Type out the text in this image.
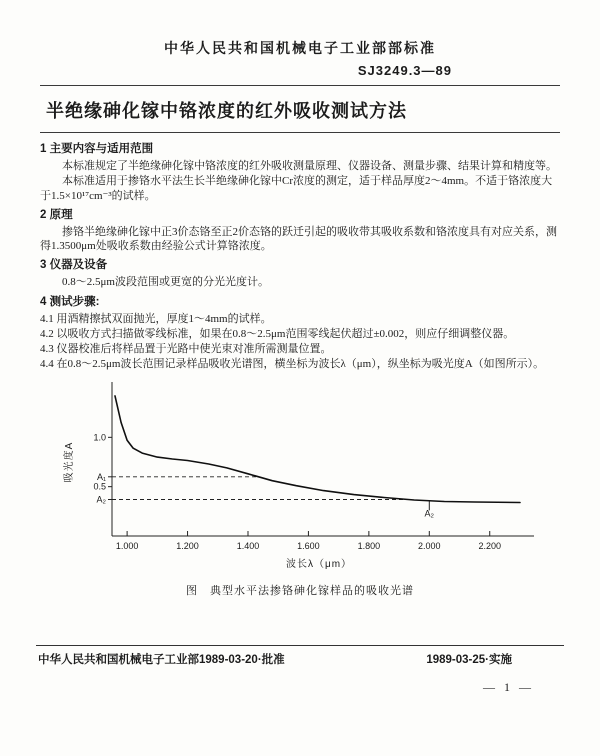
中华人民共和国机械电子工业部部标准
SJ3249.3—89
半绝缘砷化镓中铬浓度的红外吸收测试方法
1 主要内容与适用范围

本标准规定了半绝缘砷化镓中铬浓度的红外吸收测量原理、仪器设备、测量步骤、结果计算和精度等。

本标准适用于掺铬水平法生长半绝缘砷化镓中Cr浓度的测定，适于样品厚度2～4mm。不适于铬浓度大于1.5×10¹⁷cm⁻³的试样。

2 原理

掺铬半绝缘砷化镓中正3价态铬至正2价态铬的跃迁引起的吸收带其吸收系数和铬浓度具有对应关系，测得1.3500μm处吸收系数由经验公式计算铬浓度。

3 仪器及设备

0.8～2.5μm波段范围或更宽的分光光度计。

4 测试步骤:

4.1 用酒精擦拭双面抛光，厚度1～4mm的试样。

4.2 以吸收方式扫描做零线标准，如果在0.8～2.5μm范围零线起伏超过±0.002，则应仔细调整仪器。

4.3 仪器校准后将样品置于光路中使光束对准所需测量位置。

4.4 在0.8～2.5μm波长范围记录样品吸收光谱图，横坐标为波长λ（μm），纵坐标为吸光度A（如图所示）。

1.0
A₁
0.5
A₂
1.000	1.200	1.400	1.600	1.800	2.000	2.200
A₂
波长λ（μm）
吸光度A
图　典型水平法掺铬砷化镓样品的吸收光谱
中华人民共和国机械电子工业部1989-03-20·批准	1989-03-25·实施
— 1 —
